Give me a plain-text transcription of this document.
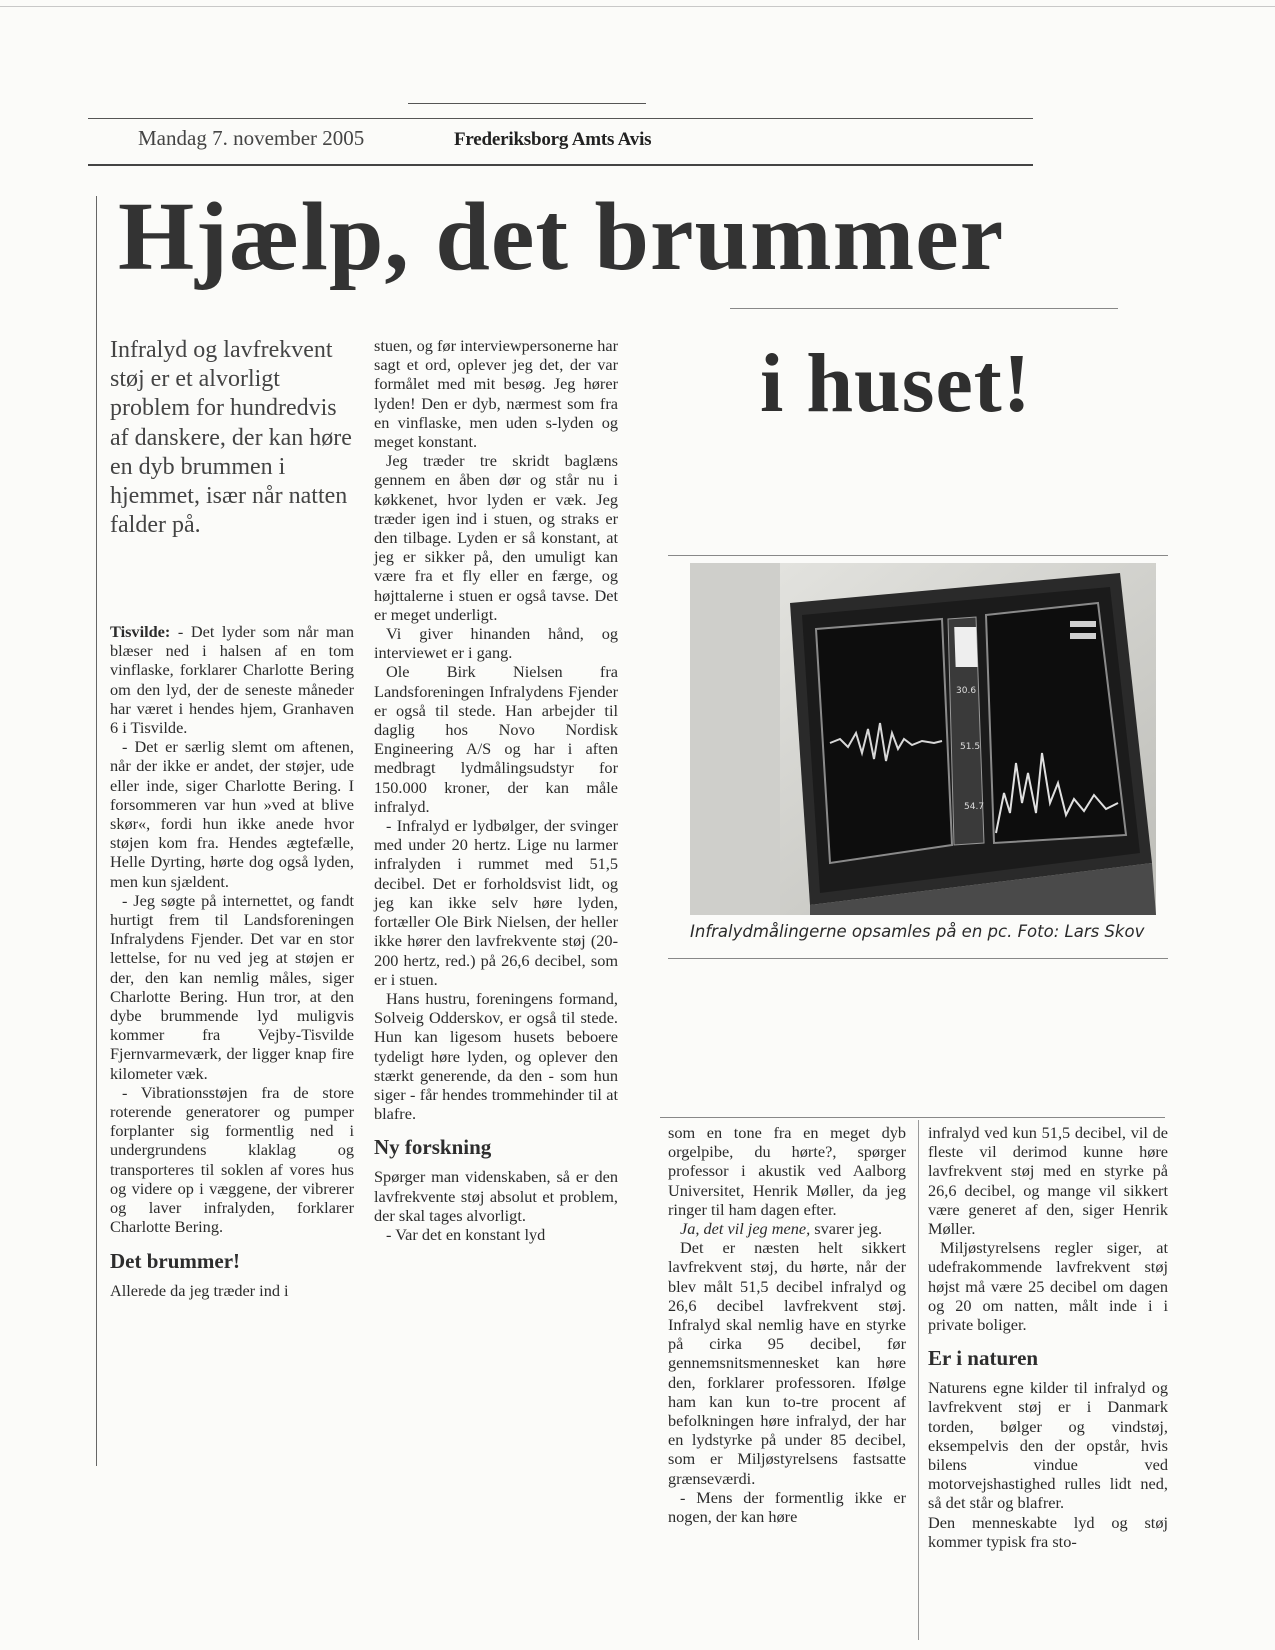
Mandag 7. november 2005	Frederiksborg Amts Avis
Hjælp, det brummer
i huset!
Infralyd og lavfrekvent støj er et alvorligt problem for hundredvis af danskere, der kan høre en dyb brummen i hjemmet, især når natten falder på.

Tisvilde: - Det lyder som når man blæser ned i halsen af en tom vinflaske, forklarer Charlotte Bering om den lyd, der de seneste måneder har været i hendes hjem, Granhaven 6 i Tisvilde.

- Det er særlig slemt om aftenen, når der ikke er andet, der støjer, ude eller inde, siger Charlotte Bering. I forsommeren var hun »ved at blive skør«, fordi hun ikke anede hvor støjen kom fra. Hendes ægtefælle, Helle Dyrting, hørte dog også lyden, men kun sjældent.

- Jeg søgte på internettet, og fandt hurtigt frem til Landsforeningen Infralydens Fjender. Det var en stor lettelse, for nu ved jeg at støjen er der, den kan nemlig måles, siger Charlotte Bering. Hun tror, at den dybe brummende lyd muligvis kommer fra Vejby-Tisvilde Fjernvarmeværk, der ligger knap fire kilometer væk.

- Vibrationsstøjen fra de store roterende generatorer og pumper forplanter sig formentlig ned i undergrundens klaklag og transporteres til soklen af vores hus og videre op i væggene, der vibrerer og laver infralyden, forklarer Charlotte Bering.

Det brummer!

Allerede da jeg træder ind i

stuen, og før interviewpersonerne har sagt et ord, oplever jeg det, der var formålet med mit besøg. Jeg hører lyden! Den er dyb, nærmest som fra en vinflaske, men uden s-lyden og meget konstant.

Jeg træder tre skridt baglæns gennem en åben dør og står nu i køkkenet, hvor lyden er væk. Jeg træder igen ind i stuen, og straks er den tilbage. Lyden er så konstant, at jeg er sikker på, den umuligt kan være fra et fly eller en færge, og højttalerne i stuen er også tavse. Det er meget underligt.

Vi giver hinanden hånd, og interviewet er i gang.

Ole Birk Nielsen fra Landsforeningen Infralydens Fjender er også til stede. Han arbejder til daglig hos Novo Nordisk Engineering A/S og har i aften medbragt lydmålingsudstyr for 150.000 kroner, der kan måle infralyd.

- Infralyd er lydbølger, der svinger med under 20 hertz. Lige nu larmer infralyden i rummet med 51,5 decibel. Det er forholdsvist lidt, og jeg kan ikke selv høre lyden, fortæller Ole Birk Nielsen, der heller ikke hører den lavfrekvente støj (20-200 hertz, red.) på 26,6 decibel, som er i stuen.

Hans hustru, foreningens formand, Solveig Odderskov, er også til stede. Hun kan ligesom husets beboere tydeligt høre lyden, og oplever den stærkt generende, da den - som hun siger - får hendes trommehinder til at blafre.

Ny forskning

Spørger man videnskaben, så er den lavfrekvente støj absolut et problem, der skal tages alvorligt.

- Var det en konstant lyd

30.6
51.5
54.7
Infralydmålingerne opsamles på en pc. Foto: Lars Skov

som en tone fra en meget dyb orgelpibe, du hørte?, spørger professor i akustik ved Aalborg Universitet, Henrik Møller, da jeg ringer til ham dagen efter.

Ja, det vil jeg mene, svarer jeg.

Det er næsten helt sikkert lavfrekvent støj, du hørte, når der blev målt 51,5 decibel infralyd og 26,6 decibel lavfrekvent støj. Infralyd skal nemlig have en styrke på cirka 95 decibel, før gennemsnitsmennesket kan høre den, forklarer professoren. Ifølge ham kan kun to-tre procent af befolkningen høre infralyd, der har en lydstyrke på under 85 decibel, som er Miljøstyrelsens fastsatte grænseværdi.

- Mens der formentlig ikke er nogen, der kan høre

infralyd ved kun 51,5 decibel, vil de fleste vil derimod kunne høre lavfrekvent støj med en styrke på 26,6 decibel, og mange vil sikkert være generet af den, siger Henrik Møller.

Miljøstyrelsens regler siger, at udefrakommende lavfrekvent støj højst må være 25 decibel om dagen og 20 om natten, målt inde i i private boliger.

Er i naturen

Naturens egne kilder til infralyd og lavfrekvent støj er i Danmark torden, bølger og vindstøj, eksempelvis den der opstår, hvis bilens vindue ved motorvejshastighed rulles lidt ned, så det står og blafrer.

Den menneskabte lyd og støj kommer typisk fra sto-
